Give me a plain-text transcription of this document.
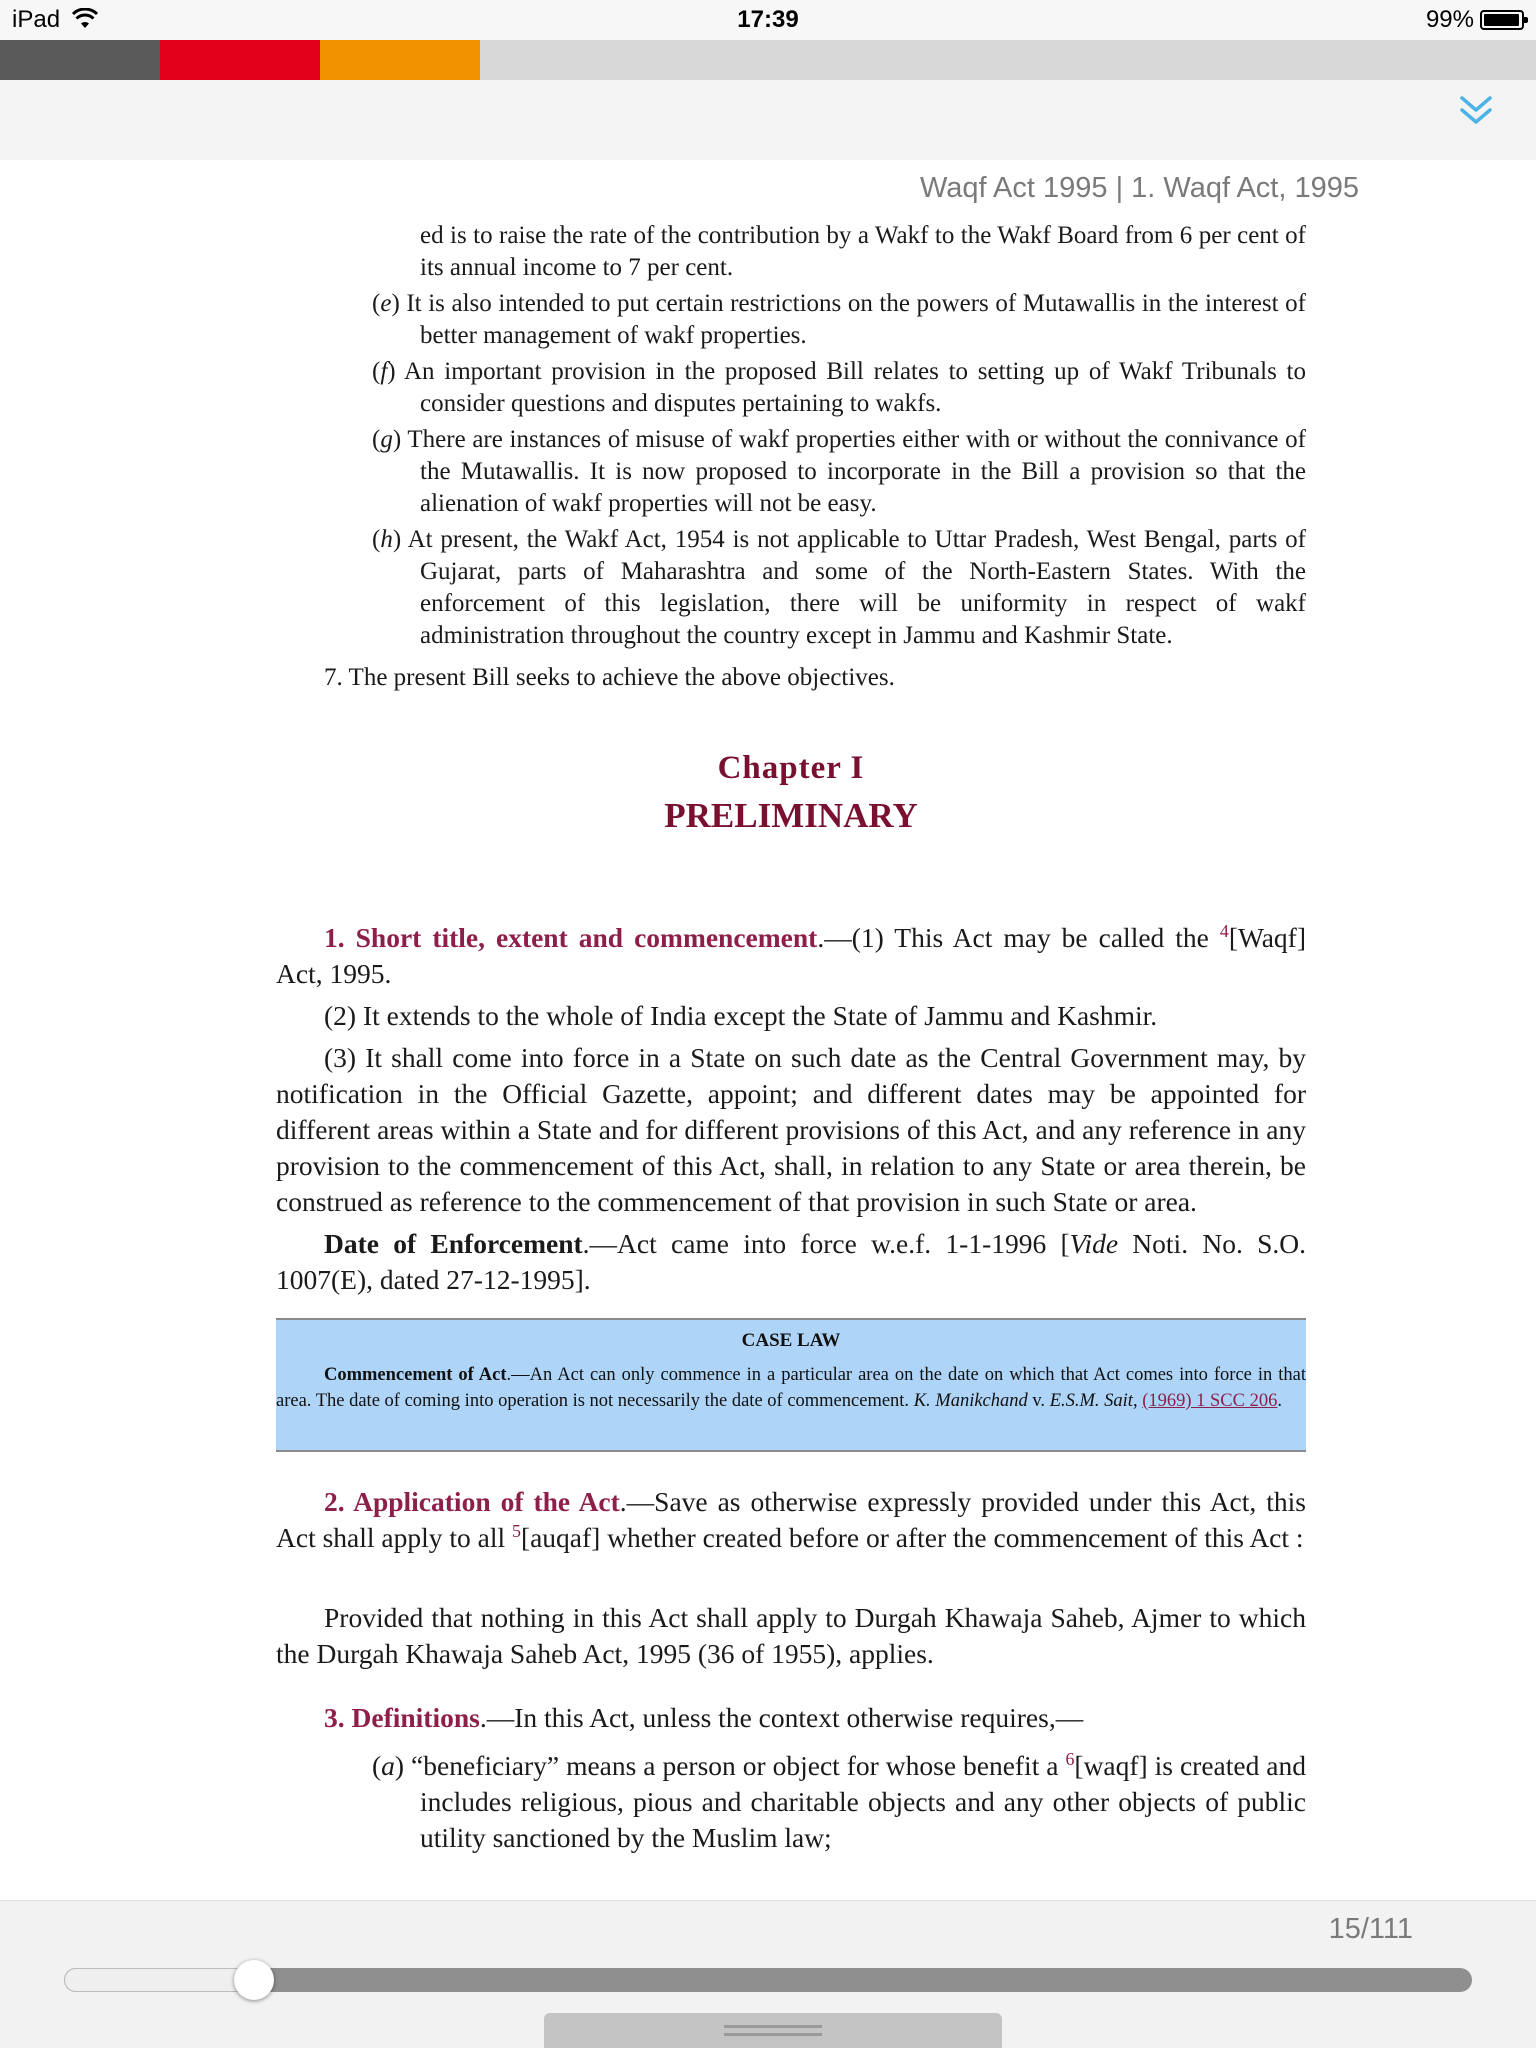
iPad	17:39	99%
Waqf Act 1995 | 1. Waqf Act, 1995
ed is to raise the rate of the contribution by a Wakf to the Wakf Board from 6 per cent of its annual income to 7 per cent.
(e) It is also intended to put certain restrictions on the powers of Mutawallis in the interest of better management of wakf properties.
(f) An important provision in the proposed Bill relates to setting up of Wakf Tribunals to consider questions and disputes pertaining to wakfs.
(g) There are instances of misuse of wakf properties either with or without the connivance of the Mutawallis. It is now proposed to incorporate in the Bill a provision so that the alienation of wakf properties will not be easy.
(h) At present, the Wakf Act, 1954 is not applicable to Uttar Pradesh, West Bengal, parts of Gujarat, parts of Maharashtra and some of the North-Eastern States. With the enforcement of this legislation, there will be uniformity in respect of wakf administration throughout the country except in Jammu and Kashmir State.
7. The present Bill seeks to achieve the above objectives.
Chapter I
PRELIMINARY
1. Short title, extent and commencement.—(1) This Act may be called the $^4$[Waqf] Act, 1995.
(2) It extends to the whole of India except the State of Jammu and Kashmir.
(3) It shall come into force in a State on such date as the Central Government may, by notification in the Official Gazette, appoint; and different dates may be appointed for different areas within a State and for different provisions of this Act, and any reference in any provision to the commencement of this Act, shall, in relation to any State or area therein, be construed as reference to the commencement of that provision in such State or area.
Date of Enforcement.—Act came into force w.e.f. 1-1-1996 [Vide Noti. No. S.O. 1007(E), dated 27-12-1995].
CASE LAW
Commencement of Act.—An Act can only commence in a particular area on the date on which that Act comes into force in that area. The date of coming into operation is not necessarily the date of commencement. K. Manikchand v. E.S.M. Sait, (1969) 1 SCC 206.
2. Application of the Act.—Save as otherwise expressly provided under this Act, this Act shall apply to all $^5$[auqaf] whether created before or after the commencement of this Act :
Provided that nothing in this Act shall apply to Durgah Khawaja Saheb, Ajmer to which the Durgah Khawaja Saheb Act, 1995 (36 of 1955), applies.
3. Definitions.—In this Act, unless the context otherwise requires,—
(a) “beneficiary” means a person or object for whose benefit a $^6$[waqf] is created and includes religious, pious and charitable objects and any other objects of public utility sanctioned by the Muslim law;
15/111
